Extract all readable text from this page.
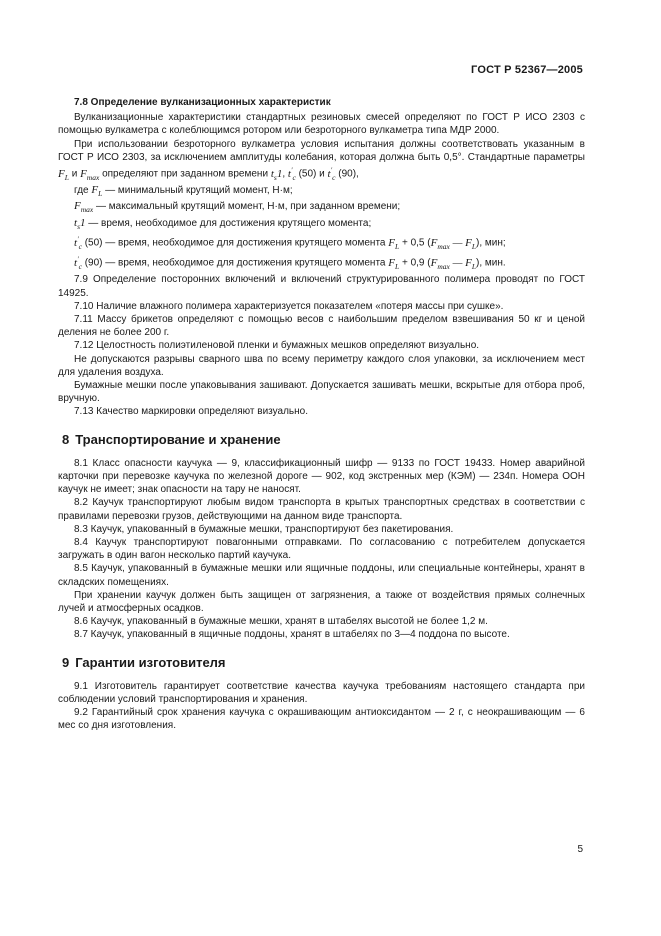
ГОСТ Р 52367—2005
7.8 Определение вулканизационных характеристик

Вулканизационные характеристики стандартных резиновых смесей определяют по ГОСТ Р ИСО 2303 с помощью вулкаметра с колеблющимся ротором или безроторного вулкаметра типа МДР 2000.

При использовании безроторного вулкаметра условия испытания должны соответствовать указанным в ГОСТ Р ИСО 2303, за исключением амплитуды колебания, которая должна быть 0,5°. Стандартные параметры $F_L$ и $F_{max}$ определяют при заданном времени $t_s1$, $t'_c$ (50) и $t'_c$ (90),

где $F_L$ — минимальный крутящий момент, Н·м;

$F_{max}$ — максимальный крутящий момент, Н·м, при заданном времени;

$t_s1$ — время, необходимое для достижения крутящего момента;

$t'_c$ (50) — время, необходимое для достижения крутящего момента $F_L + 0,5$ ($F_{max}$ — $F_L$), мин;

$t'_c$ (90) — время, необходимое для достижения крутящего момента $F_L + 0,9$ ($F_{max}$ — $F_L$), мин.

7.9 Определение посторонних включений и включений структурированного полимера проводят по ГОСТ 14925.

7.10 Наличие влажного полимера характеризуется показателем «потеря массы при сушке».

7.11 Массу брикетов определяют с помощью весов с наибольшим пределом взвешивания 50 кг и ценой деления не более 200 г.

7.12 Целостность полиэтиленовой пленки и бумажных мешков определяют визуально.

Не допускаются разрывы сварного шва по всему периметру каждого слоя упаковки, за исключением мест для удаления воздуха.

Бумажные мешки после упаковывания зашивают. Допускается зашивать мешки, вскрытые для отбора проб, вручную.

7.13 Качество маркировки определяют визуально.

8 Транспортирование и хранение

8.1 Класс опасности каучука — 9, классификационный шифр — 9133 по ГОСТ 19433. Номер аварийной карточки при перевозке каучука по железной дороге — 902, код экстренных мер (КЭМ) — 234п. Номера ООН каучук не имеет; знак опасности на тару не наносят.

8.2 Каучук транспортируют любым видом транспорта в крытых транспортных средствах в соответствии с правилами перевозки грузов, действующими на данном виде транспорта.

8.3 Каучук, упакованный в бумажные мешки, транспортируют без пакетирования.

8.4 Каучук транспортируют повагонными отправками. По согласованию с потребителем допускается загружать в один вагон несколько партий каучука.

8.5 Каучук, упакованный в бумажные мешки или ящичные поддоны, или специальные контейнеры, хранят в складских помещениях.

При хранении каучук должен быть защищен от загрязнения, а также от воздействия прямых солнечных лучей и атмосферных осадков.

8.6 Каучук, упакованный в бумажные мешки, хранят в штабелях высотой не более 1,2 м.

8.7 Каучук, упакованный в ящичные поддоны, хранят в штабелях по 3—4 поддона по высоте.

9 Гарантии изготовителя

9.1 Изготовитель гарантирует соответствие качества каучука требованиям настоящего стандарта при соблюдении условий транспортирования и хранения.

9.2 Гарантийный срок хранения каучука с окрашивающим антиоксидантом — 2 г, с неокрашивающим — 6 мес со дня изготовления.

5
